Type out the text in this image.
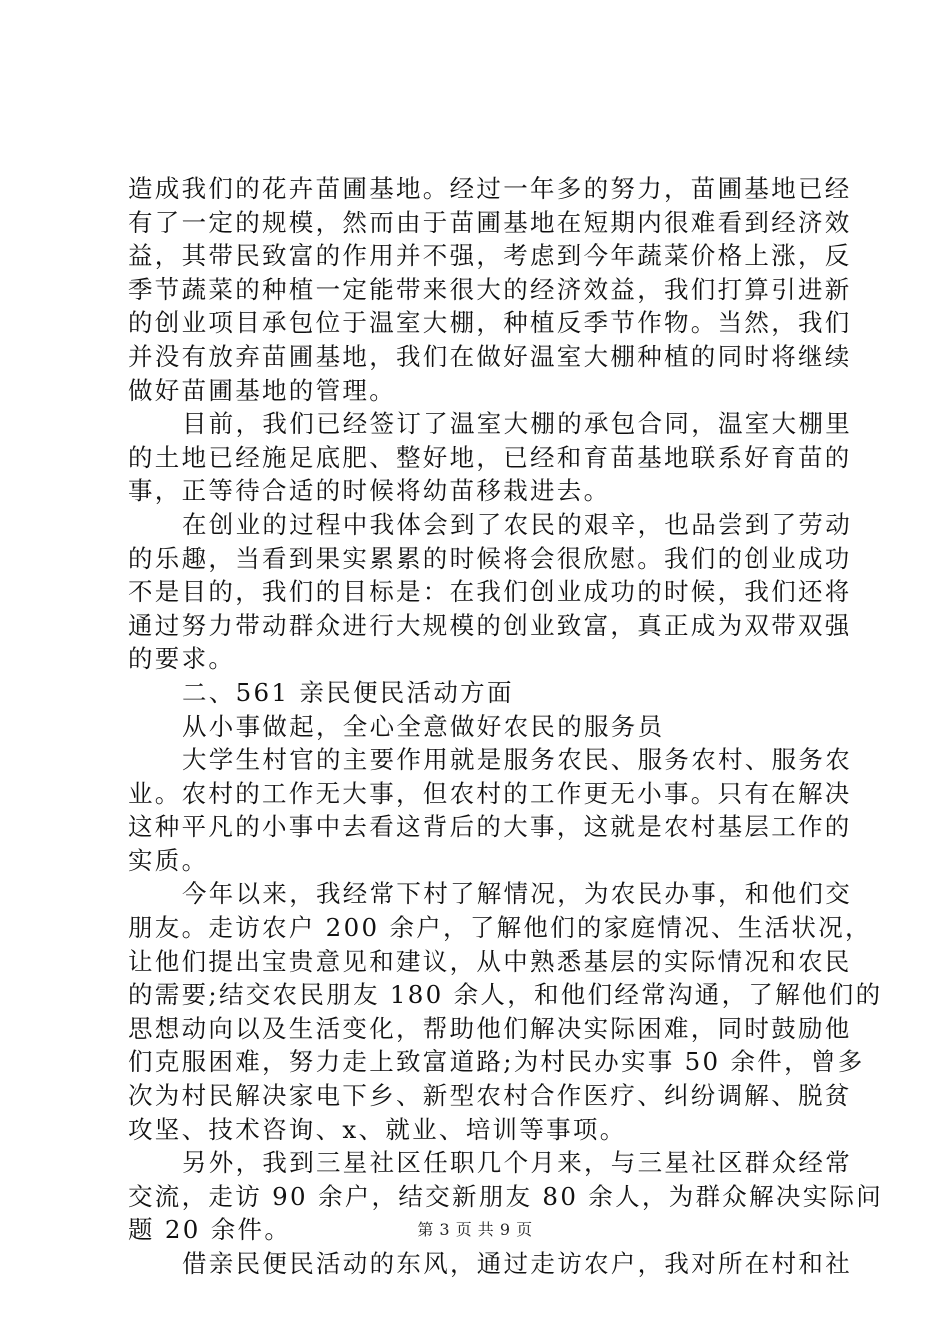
造成我们的花卉苗圃基地。经过一年多的努力，苗圃基地已经
有了一定的规模，然而由于苗圃基地在短期内很难看到经济效
益，其带民致富的作用并不强，考虑到今年蔬菜价格上涨，反
季节蔬菜的种植一定能带来很大的经济效益，我们打算引进新
的创业项目承包位于温室大棚，种植反季节作物。当然，我们
并没有放弃苗圃基地，我们在做好温室大棚种植的同时将继续
做好苗圃基地的管理。
目前，我们已经签订了温室大棚的承包合同，温室大棚里
的土地已经施足底肥、整好地，已经和育苗基地联系好育苗的
事，正等待合适的时候将幼苗移栽进去。
在创业的过程中我体会到了农民的艰辛，也品尝到了劳动
的乐趣，当看到果实累累的时候将会很欣慰。我们的创业成功
不是目的，我们的目标是：在我们创业成功的时候，我们还将
通过努力带动群众进行大规模的创业致富，真正成为双带双强
的要求。
二、561 亲民便民活动方面
从小事做起，全心全意做好农民的服务员
大学生村官的主要作用就是服务农民、服务农村、服务农
业。农村的工作无大事，但农村的工作更无小事。只有在解决
这种平凡的小事中去看这背后的大事，这就是农村基层工作的
实质。
今年以来，我经常下村了解情况，为农民办事，和他们交
朋友。走访农户 200 余户，了解他们的家庭情况、生活状况，
让他们提出宝贵意见和建议，从中熟悉基层的实际情况和农民
的需要;结交农民朋友 180 余人，和他们经常沟通，了解他们的
思想动向以及生活变化，帮助他们解决实际困难，同时鼓励他
们克服困难，努力走上致富道路;为村民办实事 50 余件，曾多
次为村民解决家电下乡、新型农村合作医疗、纠纷调解、脱贫
攻坚、技术咨询、x、就业、培训等事项。
另外，我到三星社区任职几个月来，与三星社区群众经常
交流，走访 90 余户，结交新朋友 80 余人，为群众解决实际问
题 20 余件。
借亲民便民活动的东风，通过走访农户，我对所在村和社
第 3 页 共 9 页
